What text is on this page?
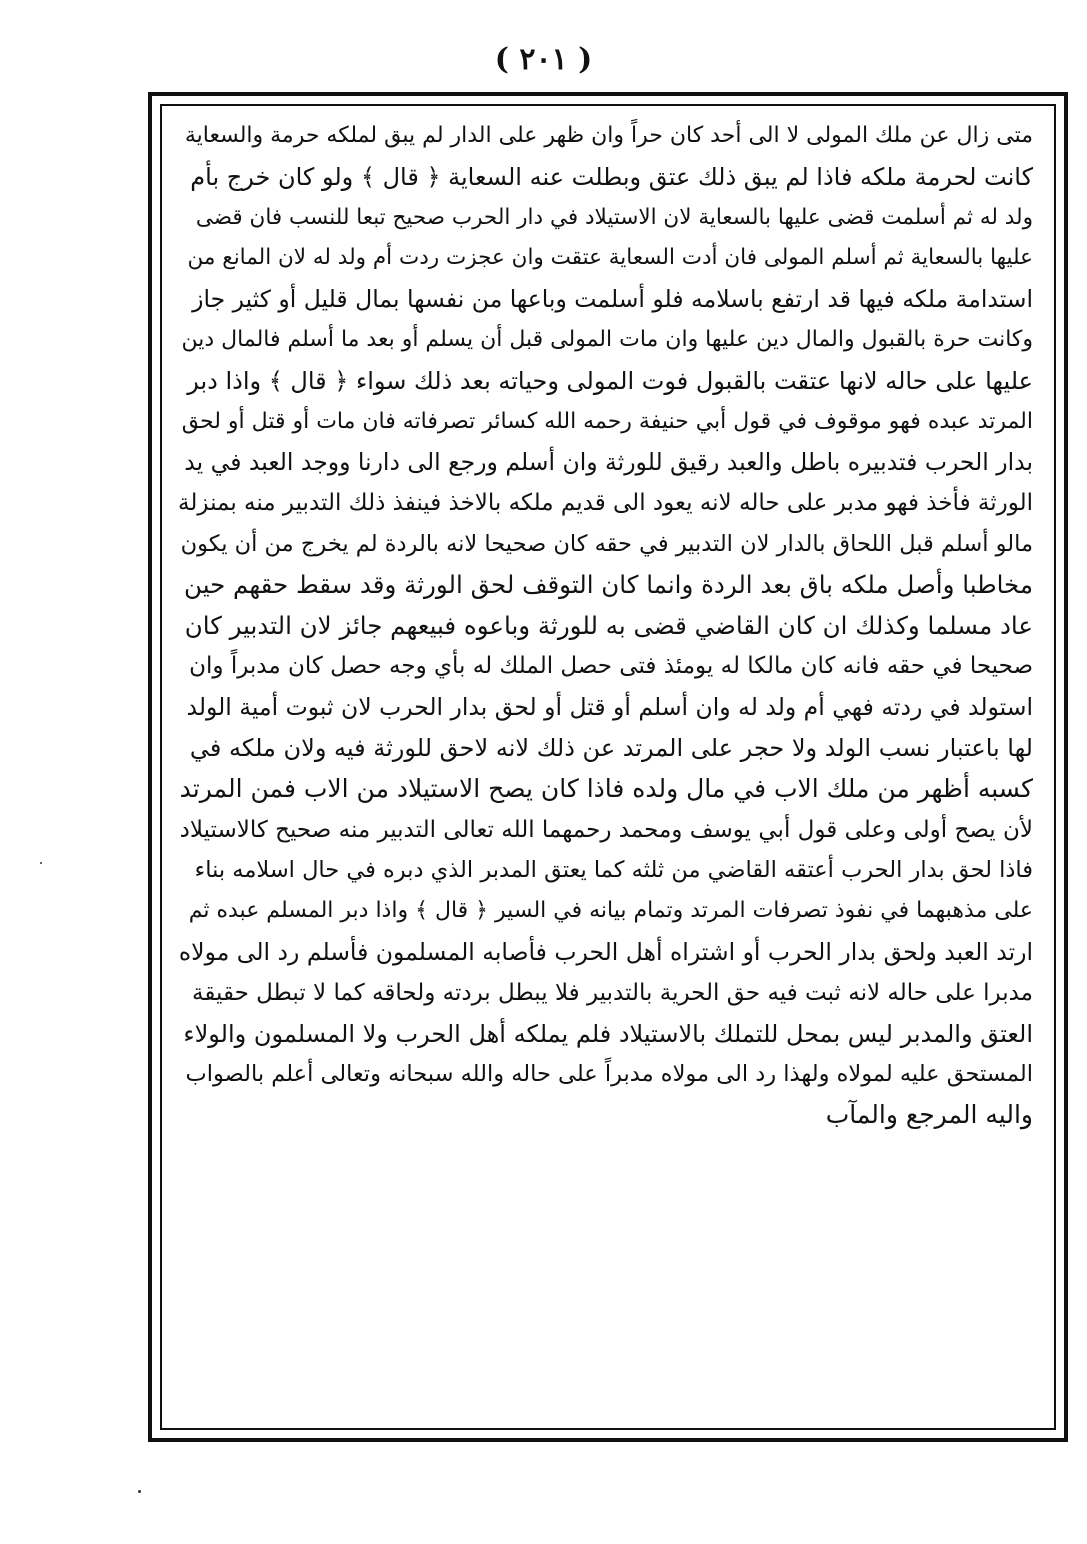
( ٢٠١ )
متى زال عن ملك المولى لا الى أحد كان حراً وان ظهر على الدار لم يبق لملكه حرمة والسعاية
كانت لحرمة ملكه فاذا لم يبق ذلك عتق وبطلت عنه السعاية ﴿ قال ﴾ ولو كان خرج بأم
ولد له ثم أسلمت قضى عليها بالسعاية لان الاستيلاد في دار الحرب صحيح تبعا للنسب فان قضى
عليها بالسعاية ثم أسلم المولى فان أدت السعاية عتقت وان عجزت ردت أم ولد له لان المانع من
استدامة ملكه فيها قد ارتفع باسلامه فلو أسلمت وباعها من نفسها بمال قليل أو كثير جاز
وكانت حرة بالقبول والمال دين عليها وان مات المولى قبل أن يسلم أو بعد ما أسلم فالمال دين
عليها على حاله لانها عتقت بالقبول فوت المولى وحياته بعد ذلك سواء ﴿ قال ﴾ واذا دبر
المرتد عبده فهو موقوف في قول أبي حنيفة رحمه الله كسائر تصرفاته فان مات أو قتل أو لحق
بدار الحرب فتدبيره باطل والعبد رقيق للورثة وان أسلم ورجع الى دارنا ووجد العبد في يد
الورثة فأخذ فهو مدبر على حاله لانه يعود الى قديم ملكه بالاخذ فينفذ ذلك التدبير منه بمنزلة
مالو أسلم قبل اللحاق بالدار لان التدبير في حقه كان صحيحا لانه بالردة لم يخرج من أن يكون
مخاطبا وأصل ملكه باق بعد الردة وانما كان التوقف لحق الورثة وقد سقط حقهم حين
عاد مسلما وكذلك ان كان القاضي قضى به للورثة وباعوه فبيعهم جائز لان التدبير كان
صحيحا في حقه فانه كان مالكا له يومئذ فتى حصل الملك له بأي وجه حصل كان مدبراً وان
استولد في ردته فهي أم ولد له وان أسلم أو قتل أو لحق بدار الحرب لان ثبوت أمية الولد
لها باعتبار نسب الولد ولا حجر على المرتد عن ذلك لانه لاحق للورثة فيه ولان ملكه في
كسبه أظهر من ملك الاب في مال ولده فاذا كان يصح الاستيلاد من الاب فمن المرتد
لأن يصح أولى وعلى قول أبي يوسف ومحمد رحمهما الله تعالى التدبير منه صحيح كالاستيلاد
فاذا لحق بدار الحرب أعتقه القاضي من ثلثه كما يعتق المدبر الذي دبره في حال اسلامه بناء
على مذهبهما في نفوذ تصرفات المرتد وتمام بيانه في السير ﴿ قال ﴾ واذا دبر المسلم عبده ثم
ارتد العبد ولحق بدار الحرب أو اشتراه أهل الحرب فأصابه المسلمون فأسلم رد الى مولاه
مدبرا على حاله لانه ثبت فيه حق الحرية بالتدبير فلا يبطل بردته ولحاقه كما لا تبطل حقيقة
العتق والمدبر ليس بمحل للتملك بالاستيلاد فلم يملكه أهل الحرب ولا المسلمون والولاء
المستحق عليه لمولاه ولهذا رد الى مولاه مدبراً على حاله والله سبحانه وتعالى أعلم بالصواب
واليه المرجع والمآب
